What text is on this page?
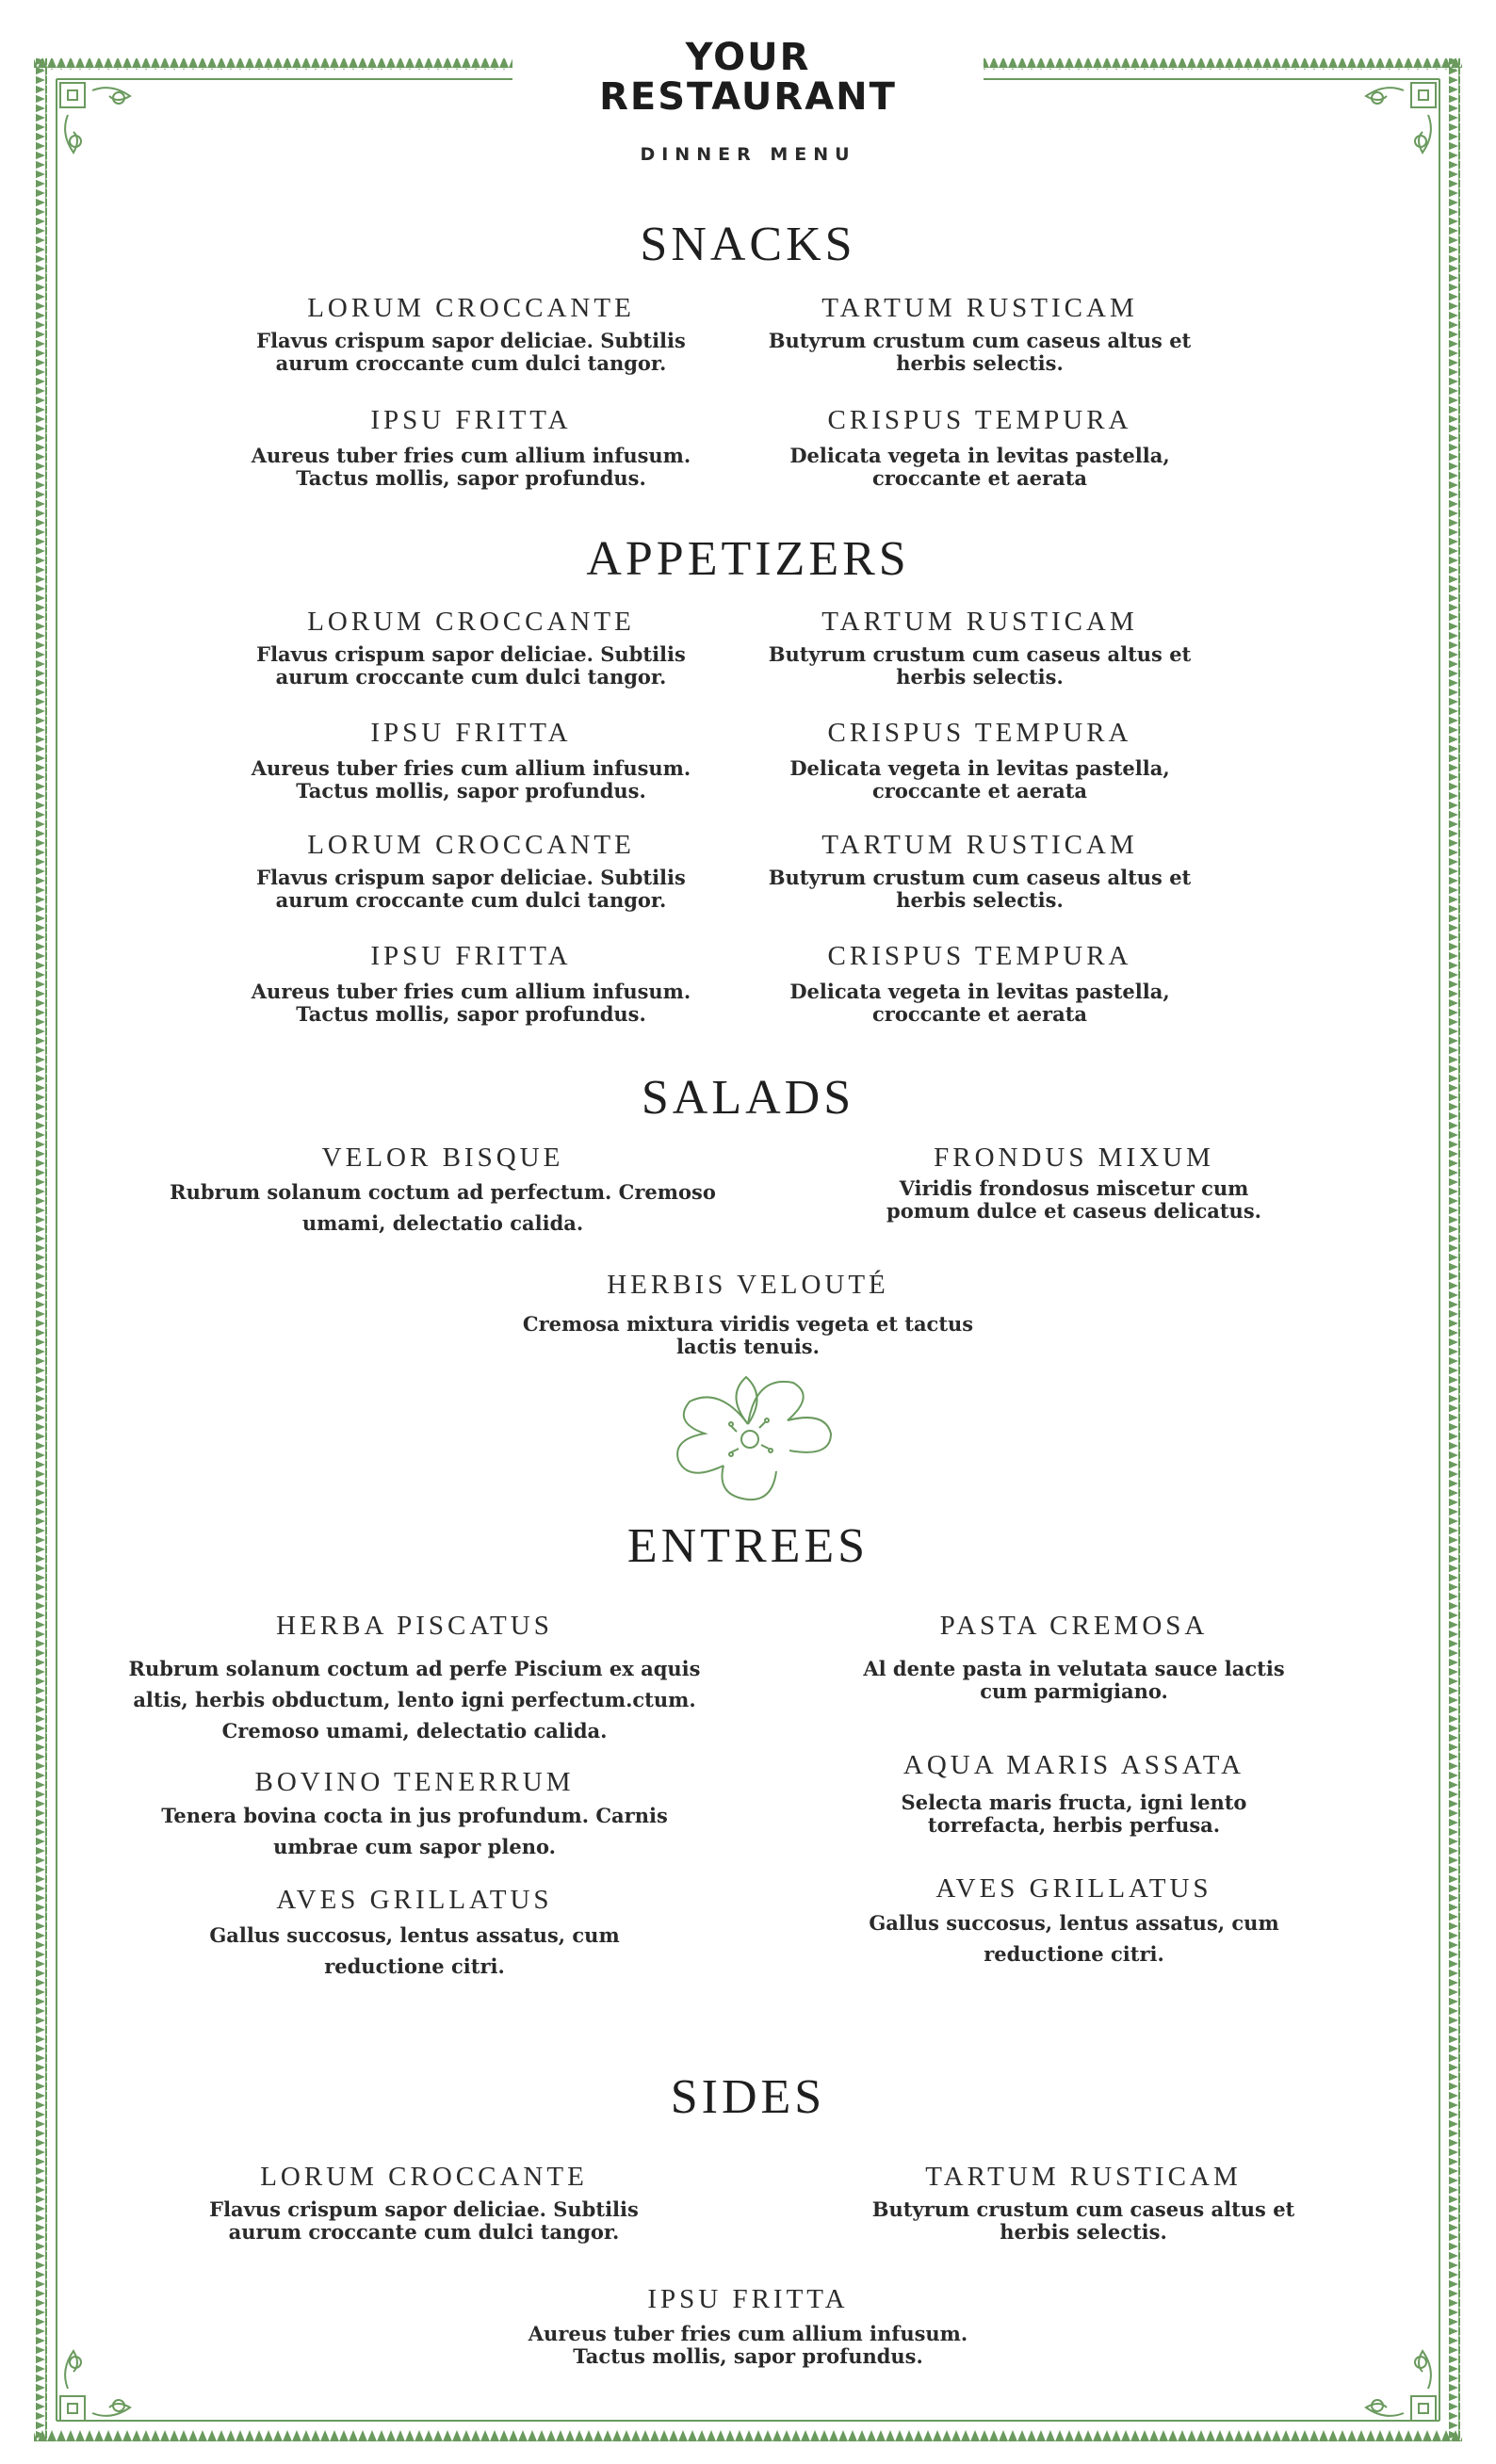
YOUR
RESTAURANT
DINNER MENU
SNACKS
LORUM CROCCANTE
Flavus crispum sapor deliciae. Subtilis
aurum croccante cum dulci tangor.
TARTUM RUSTICAM
Butyrum crustum cum caseus altus et
herbis selectis.
IPSU FRITTA
Aureus tuber fries cum allium infusum.
Tactus mollis, sapor profundus.
CRISPUS TEMPURA
Delicata vegeta in levitas pastella,
croccante et aerata
APPETIZERS
LORUM CROCCANTE
Flavus crispum sapor deliciae. Subtilis
aurum croccante cum dulci tangor.
TARTUM RUSTICAM
Butyrum crustum cum caseus altus et
herbis selectis.
IPSU FRITTA
Aureus tuber fries cum allium infusum.
Tactus mollis, sapor profundus.
CRISPUS TEMPURA
Delicata vegeta in levitas pastella,
croccante et aerata
LORUM CROCCANTE
Flavus crispum sapor deliciae. Subtilis
aurum croccante cum dulci tangor.
TARTUM RUSTICAM
Butyrum crustum cum caseus altus et
herbis selectis.
IPSU FRITTA
Aureus tuber fries cum allium infusum.
Tactus mollis, sapor profundus.
CRISPUS TEMPURA
Delicata vegeta in levitas pastella,
croccante et aerata
SALADS
VELOR BISQUE
Rubrum solanum coctum ad perfectum. Cremoso
umami, delectatio calida.
FRONDUS MIXUM
Viridis frondosus miscetur cum
pomum dulce et caseus delicatus.
HERBIS VELOUTÉ
Cremosa mixtura viridis vegeta et tactus
lactis tenuis.
ENTREES
HERBA PISCATUS
Rubrum solanum coctum ad perfe Piscium ex aquis
altis, herbis obductum, lento igni perfectum.ctum.
Cremoso umami, delectatio calida.
PASTA CREMOSA
Al dente pasta in velutata sauce lactis
cum parmigiano.
BOVINO TENERRUM
Tenera bovina cocta in jus profundum. Carnis
umbrae cum sapor pleno.
AQUA MARIS ASSATA
Selecta maris fructa, igni lento
torrefacta, herbis perfusa.
AVES GRILLATUS
Gallus succosus, lentus assatus, cum
reductione citri.
AVES GRILLATUS
Gallus succosus, lentus assatus, cum
reductione citri.
SIDES
LORUM CROCCANTE
Flavus crispum sapor deliciae. Subtilis
aurum croccante cum dulci tangor.
TARTUM RUSTICAM
Butyrum crustum cum caseus altus et
herbis selectis.
IPSU FRITTA
Aureus tuber fries cum allium infusum.
Tactus mollis, sapor profundus.
